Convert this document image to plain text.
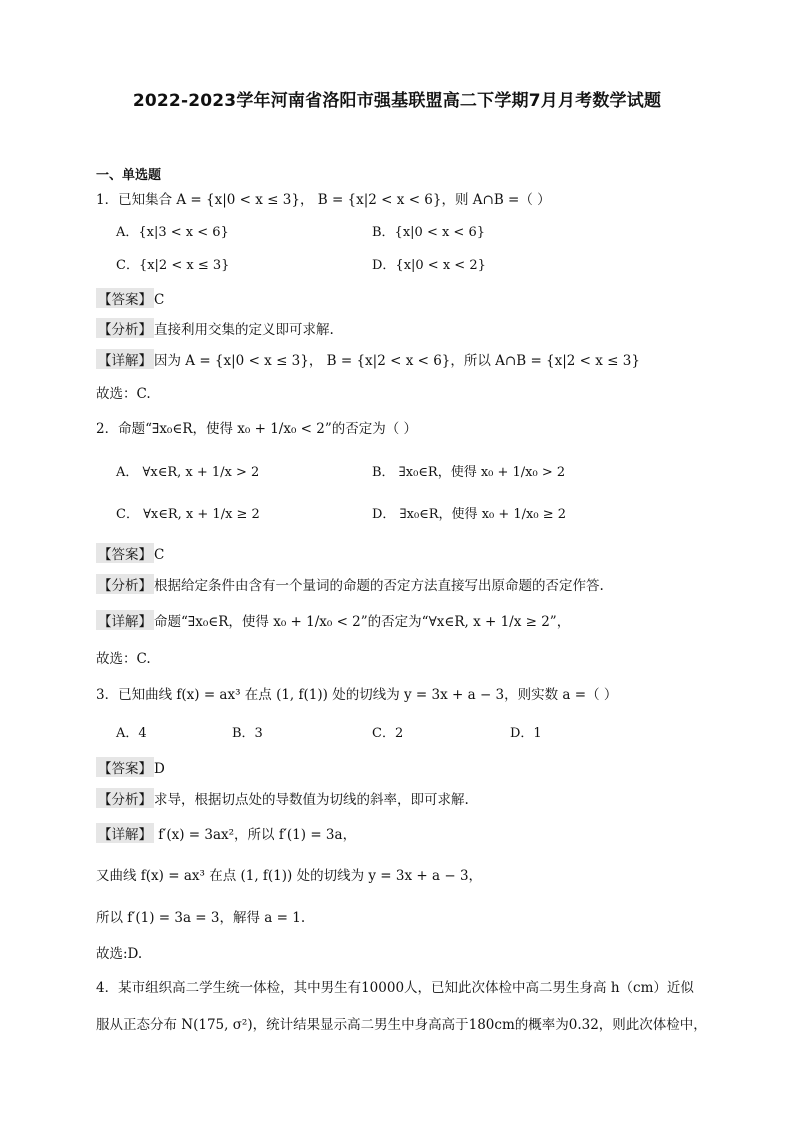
2022-2023学年河南省洛阳市强基联盟高二下学期7月月考数学试题
一、单选题
1．已知集合 A = {x|0 < x ≤ 3}， B = {x|2 < x < 6}，则 A∩B =（ ）
A．{x|3 < x < 6}	B．{x|0 < x < 6}
C．{x|2 < x ≤ 3}	D．{x|0 < x < 2}
【答案】 C
【分析】 直接利用交集的定义即可求解.
【详解】 因为 A = {x|0 < x ≤ 3}， B = {x|2 < x < 6}，所以 A∩B = {x|2 < x ≤ 3}
故选：C.
2．命题“∃x₀∈R，使得 x₀ + 1/x₀ < 2”的否定为（ ）
A． ∀x∈R, x + 1/x > 2	B． ∃x₀∈R，使得 x₀ + 1/x₀ > 2
C． ∀x∈R, x + 1/x ≥ 2	D． ∃x₀∈R，使得 x₀ + 1/x₀ ≥ 2
【答案】 C
【分析】 根据给定条件由含有一个量词的命题的否定方法直接写出原命题的否定作答.
【详解】 命题“∃x₀∈R，使得 x₀ + 1/x₀ < 2”的否定为“∀x∈R, x + 1/x ≥ 2”，
故选：C.
3．已知曲线 f(x) = ax³ 在点 (1, f(1)) 处的切线为 y = 3x + a − 3，则实数 a =（ ）
A．4	B．3	C．2	D．1
【答案】 D
【分析】 求导，根据切点处的导数值为切线的斜率，即可求解.
【详解】 f′(x) = 3ax²，所以 f′(1) = 3a，
又曲线 f(x) = ax³ 在点 (1, f(1)) 处的切线为 y = 3x + a − 3，
所以 f′(1) = 3a = 3，解得 a = 1.
故选:D.
4．某市组织高二学生统一体检，其中男生有10000人，已知此次体检中高二男生身高 h（cm）近似
服从正态分布 N(175, σ²)，统计结果显示高二男生中身高高于180cm的概率为0.32，则此次体检中，
